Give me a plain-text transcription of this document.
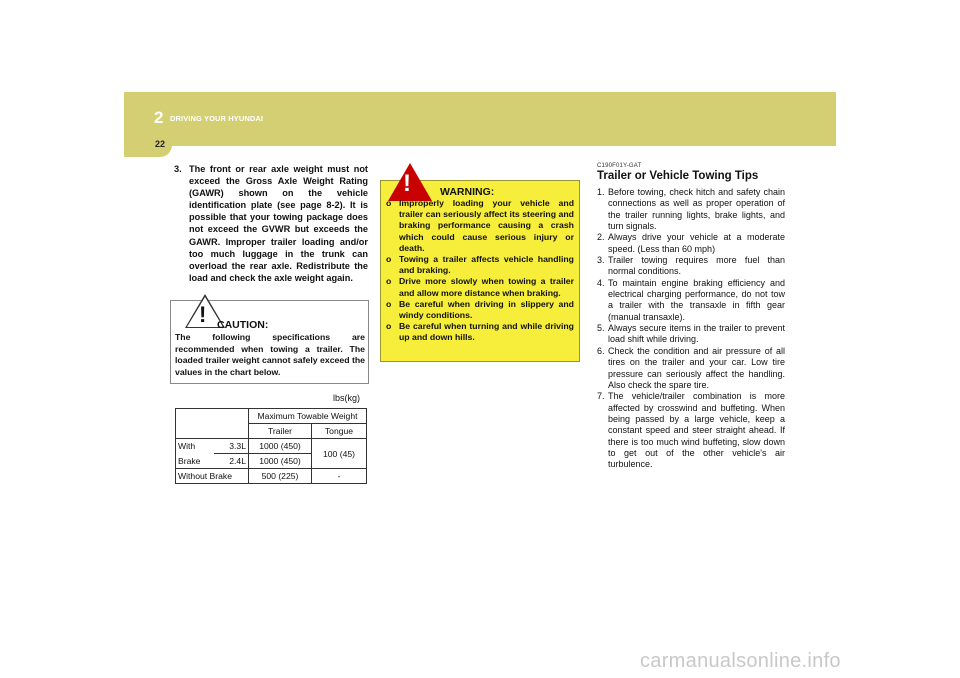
2 DRIVING YOUR HYUNDAI
22
3. The front or rear axle weight must not exceed the Gross Axle Weight Rating (GAWR) shown on the vehicle identification plate (see page 8-2). It is possible that your towing package does not exceed the GVWR but exceeds the GAWR. Improper trailer loading and/or too much luggage in the trunk can overload the rear axle. Redistribute the load and check the axle weight again.
! CAUTION:
The following specifications are recommended when towing a trailer. The loaded trailer weight cannot safely exceed the values in the chart below.
lbs(kg)
		Maximum Towable Weight	
		Trailer	Tongue
With	3.3L	1000 (450)	100 (45)
Brake	2.4L	1000 (450)	
Without Brake		500 (225)	-
!	WARNING:
o Improperly loading your vehicle and trailer can seriously affect its steering and braking performance causing a crash which could cause serious injury or death.
o Towing a trailer affects vehicle handling and braking.
o Drive more slowly when towing a trailer and allow more distance when braking.
o Be careful when driving in slippery and windy conditions.
o Be careful when turning and while driving up and down hills.
C190F01Y-GAT
Trailer or Vehicle Towing Tips
1. Before towing, check hitch and safety chain connections as well as proper operation of the trailer running lights, brake lights, and turn signals.
2. Always drive your vehicle at a moderate speed. (Less than 60 mph)
3. Trailer towing requires more fuel than normal conditions.
4. To maintain engine braking efficiency and electrical charging performance, do not tow a trailer with the transaxle in fifth gear (manual transaxle).
5. Always secure items in the trailer to prevent load shift while driving.
6. Check the condition and air pressure of all tires on the trailer and your car. Low tire pressure can seriously affect the handling. Also check the spare tire.
7. The vehicle/trailer combination is more affected by crosswind and buffeting. When being passed by a large vehicle, keep a constant speed and steer straight ahead. If there is too much wind buffeting, slow down to get out of the other vehicle's air turbulence.
carmanualsonline.info
